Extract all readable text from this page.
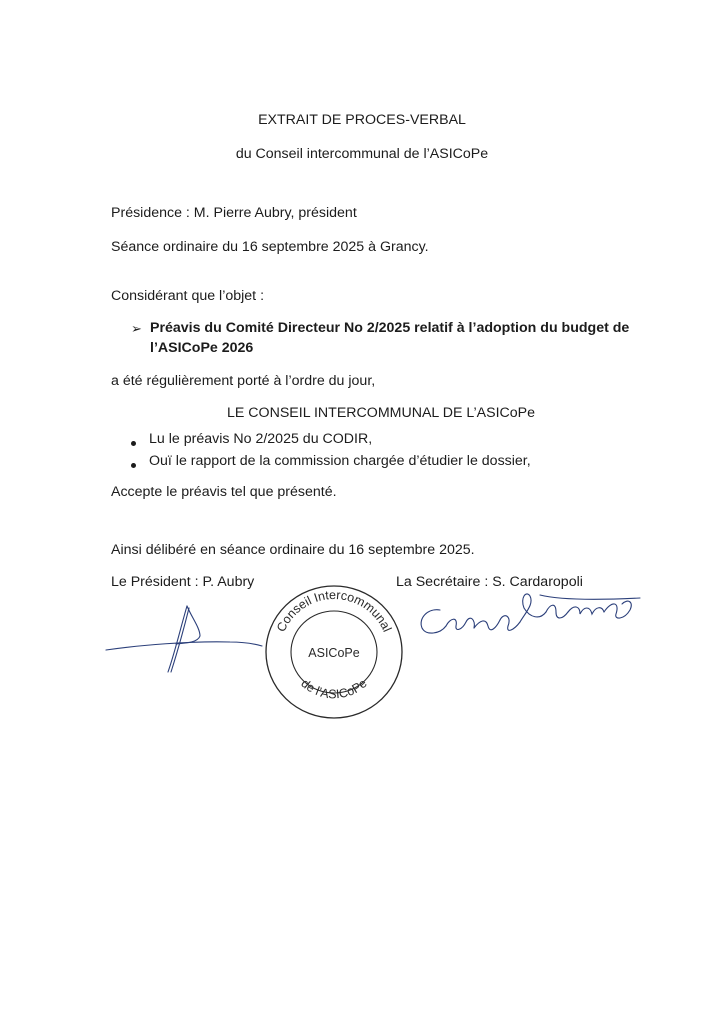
EXTRAIT DE PROCES-VERBAL
du Conseil intercommunal de l’ASICoPe
Présidence : M. Pierre Aubry, président
Séance ordinaire du 16 septembre 2025 à Grancy.
Considérant que l’objet :
➢ Préavis du Comité Directeur No 2/2025 relatif à l’adoption du budget de
l’ASICoPe 2026
a été régulièrement porté à l’ordre du jour,
LE CONSEIL INTERCOMMUNAL DE L’ASICoPe
Lu le préavis No 2/2025 du CODIR,
Ouï le rapport de la commission chargée d’étudier le dossier,
Accepte le préavis tel que présenté.
Ainsi délibéré en séance ordinaire du 16 septembre 2025.
Le Président : P. Aubry	La Secrétaire : S. Cardaropoli
Conseil Intercommunal
de l’ASICoPe
ASICoPe
